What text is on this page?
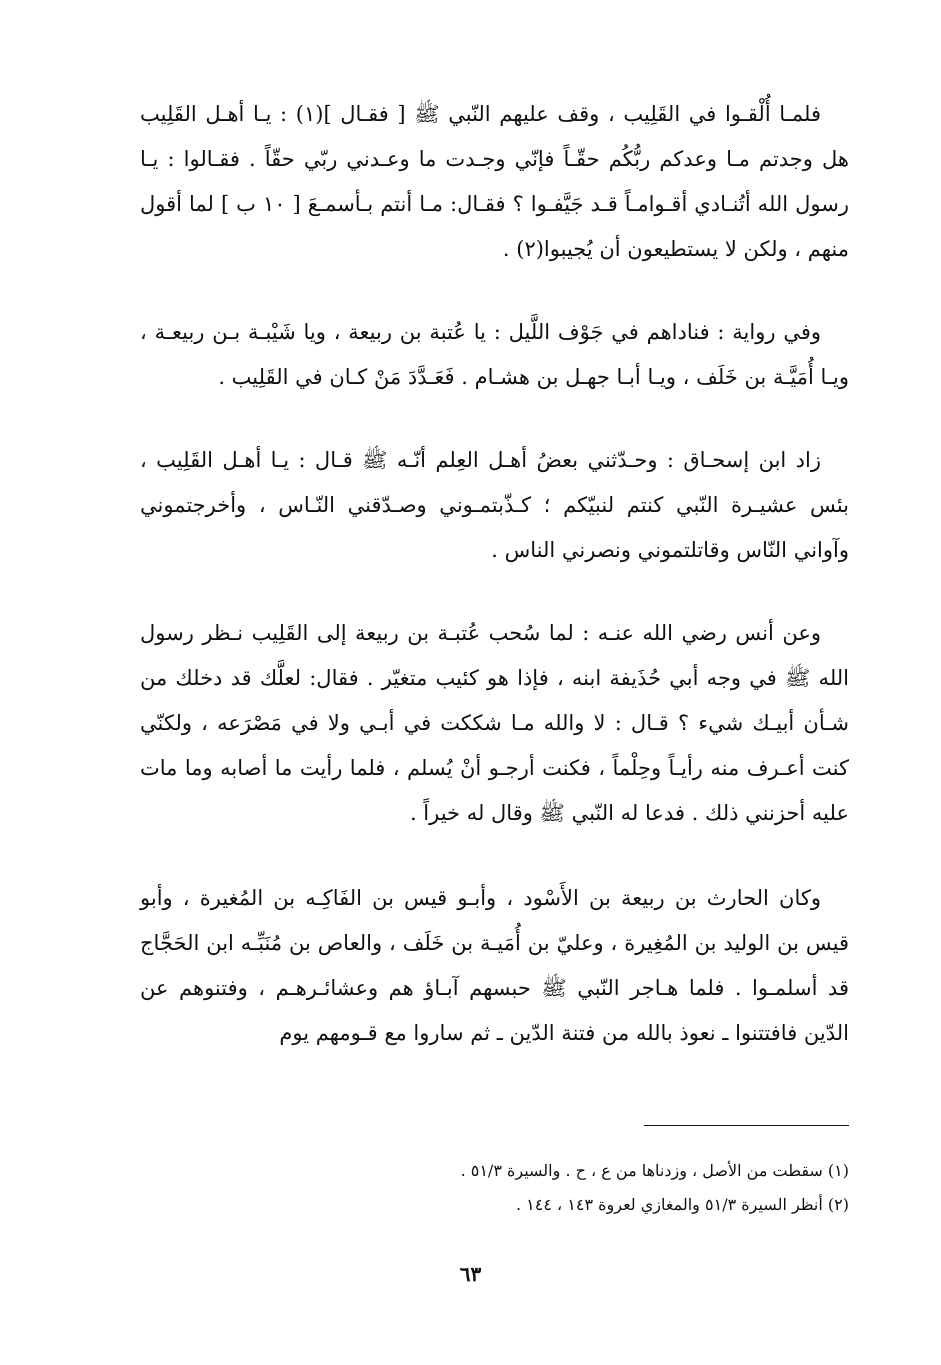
فلمـا أُلْقـوا في القَلِيب ، وقف عليهم النّبي ﷺ [ فقـال ](١) : يـا أهـل القَلِيب هل وجدتم مـا وعدكم ربُّكُم حقّـاً فإنّي وجـدت ما وعـدني ربّي حقّاً . فقـالوا : يـا رسول الله أتُنـادي أقـوامـاً قـد جَيَّفـوا ؟ فقـال: مـا أنتم بـأسمـعَ [ ١٠ ب ] لما أقول منهم ، ولكن لا يستطيعون أن يُجيبوا(٢) .

وفي رواية : فناداهم في جَوْف اللَّيل : يا عُتبة بن ربيعة ، ويا شَيْبـة بـن ربيعـة ، ويـا أُمَيَّـة بن خَلَف ، ويـا أبـا جهـل بن هشـام . فَعَـدَّدَ مَنْ كـان في القَلِيب .

زاد ابن إسحـاق : وحـدّثني بعضُ أهـل العِلم أنّـه ﷺ قـال : يـا أهـل القَلِيب ، بئس عشيـرة النّبي كنتم لنبيّكم ؛ كـذّبتمـوني وصـدّقني النّـاس ، وأخرجتموني وآواني النّاس وقاتلتموني ونصرني الناس .

وعن أنس رضي الله عنـه : لما سُحب عُتبـة بن ربيعة إلى القَلِيب نـظر رسول الله ﷺ في وجه أبي حُذَيفة ابنه ، فإذا هو كئيب متغيّر . فقال: لعلَّك قد دخلك من شـأن أبيـك شيء ؟ قـال : لا والله مـا شككت في أبـي ولا في مَصْرَعه ، ولكنّي كنت أعـرف منه رأيـاً وحِلْماً ، فكنت أرجـو أنْ يُسلم ، فلما رأيت ما أصابه وما مات عليه أحزنني ذلك . فدعا له النّبي ﷺ وقال له خيراً .

وكان الحارث بن ربيعة بن الأَسْود ، وأبـو قيس بن الفَاكِـه بن المُغيرة ، وأبو قيس بن الوليد بن المُغِيرة ، وعليّ بن أُمَيـة بن خَلَف ، والعاص بن مُنَبِّـه ابن الحَجَّاج قد أسلمـوا . فلما هـاجر النّبي ﷺ حبسهم آبـاؤ هم وعشائـرهـم ، وفتنوهم عن الدّين فافتتنوا ـ نعوذ بالله من فتنة الدّين ـ ثم ساروا مع قـومهم يوم

(١) سقطت من الأصل ، وزدناها من ع ، ح . والسيرة ٥١/٣ .

(٢) أنظر السيرة ٥١/٣ والمغازي لعروة ١٤٣ ، ١٤٤ .

٦٣
